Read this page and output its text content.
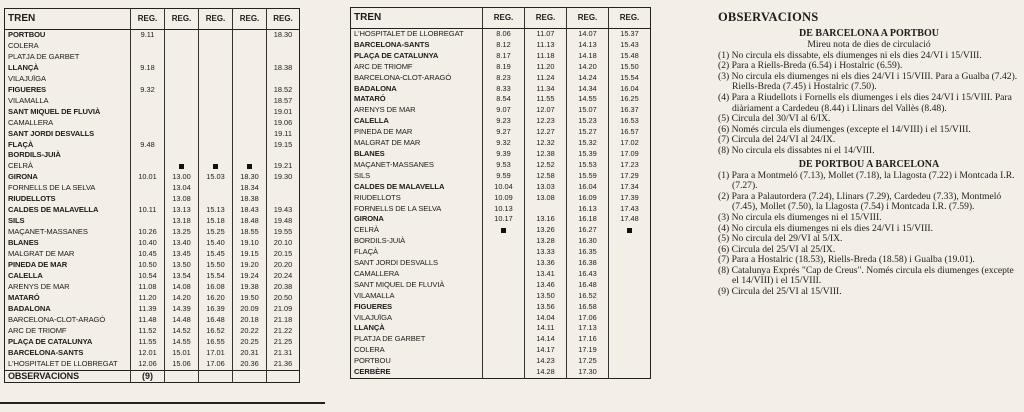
TREN	REG.	REG.	REG.	REG.	REG.
PORTBOU	9.11				18.30
COLERA					
PLATJA DE GARBET					
LLANÇÀ	9.18				18.38
VILAJUÏGA					
FIGUERES	9.32				18.52
VILAMALLA					18.57
SANT MIQUEL DE FLUVIÀ					19.01
CAMALLERA					19.06
SANT JORDI DESVALLS					19.11
FLAÇÀ	9.48				19.15
BORDILS-JUIÀ					
CELRÀ					19.21
GIRONA	10.01	13.00	15.03	18.30	19.30
FORNELLS DE LA SELVA		13.04		18.34	
RIUDELLOTS		13.08		18.38	
CALDES DE MALAVELLA	10.11	13.13	15.13	18.43	19.43
SILS		13.18	15.18	18.48	19.48
MAÇANET-MASSANES	10.26	13.25	15.25	18.55	19.55
BLANES	10.40	13.40	15.40	19.10	20.10
MALGRAT DE MAR	10.45	13.45	15.45	19.15	20.15
PINEDA DE MAR	10.50	13.50	15.50	19.20	20.20
CALELLA	10.54	13.54	15.54	19.24	20.24
ARENYS DE MAR	11.08	14.08	16.08	19.38	20.38
MATARÓ	11.20	14.20	16.20	19.50	20.50
BADALONA	11.39	14.39	16.39	20.09	21.09
BARCELONA-CLOT-ARAGÓ	11.48	14.48	16.48	20.18	21.18
ARC DE TRIOMF	11.52	14.52	16.52	20.22	21.22
PLAÇA DE CATALUNYA	11.55	14.55	16.55	20.25	21.25
BARCELONA-SANTS	12.01	15.01	17.01	20.31	21.31
L'HOSPITALET DE LLOBREGAT	12.06	15.06	17.06	20.36	21.36
OBSERVACIONS	(9)				
TREN	REG.	REG.	REG.	REG.
L'HOSPITALET DE LLOBREGAT	8.06	11.07	14.07	15.37
BARCELONA-SANTS	8.12	11.13	14.13	15.43
PLAÇA DE CATALUNYA	8.17	11.18	14.18	15.48
ARC DE TRIOMF	8.19	11.20	14.20	15.50
BARCELONA-CLOT-ARAGÓ	8.23	11.24	14.24	15.54
BADALONA	8.33	11.34	14.34	16.04
MATARÓ	8.54	11.55	14.55	16.25
ARENYS DE MAR	9.07	12.07	15.07	16.37
CALELLA	9.23	12.23	15.23	16.53
PINEDA DE MAR	9.27	12.27	15.27	16.57
MALGRAT DE MAR	9.32	12.32	15.32	17.02
BLANES	9.39	12.38	15.39	17.09
MAÇANET-MASSANES	9.53	12.52	15.53	17.23
SILS	9.59	12.58	15.59	17.29
CALDES DE MALAVELLA	10.04	13.03	16.04	17.34
RIUDELLOTS	10.09	13.08	16.09	17.39
FORNELLS DE LA SELVA	10.13		16.13	17.43
GIRONA	10.17	13.16	16.18	17.48
CELRÀ		13.26	16.27	
BORDILS-JUIÀ		13.28	16.30	
FLAÇÀ		13.33	16.35	
SANT JORDI DESVALLS		13.36	16.38	
CAMALLERA		13.41	16.43	
SANT MIQUEL DE FLUVIÀ		13.46	16.48	
VILAMALLA		13.50	16.52	
FIGUERES		13.56	16.58	
VILAJUÏGA		14.04	17.06	
LLANÇÀ		14.11	17.13	
PLATJA DE GARBET		14.14	17.16	
COLERA		14.17	17.19	
PORTBOU		14.23	17.25	
CERBÈRE		14.28	17.30	
OBSERVACIONS
DE BARCELONA A PORTBOU

Mireu nota de dies de circulació

(1) No circula els dissabte, els diumenges ni els dies 24/VI i 15/VIII.
(2) Para a Riells-Breda (6.54) i Hostalric (6.59).
(3) No circula els diumenges ni els dies 24/VI i 15/VIII. Para a Gualba (7.42). Riells-Breda (7.45) i Hostalric (7.50).
(4) Para a Riudellots i Fornells els diumenges i els dies 24/VI i 15/VIII. Para diàriament a Cardedeu (8.44) i Llinars del Vallès (8.48).
(5) Circula del 30/VI al 6/IX.
(6) Només circula els diumenges (excepte el 14/VIII) i el 15/VIII.
(7) Circula del 24/VI al 24/IX.
(8) No circula els dissabtes ni el 14/VIII.
DE PORTBOU A BARCELONA
(1) Para a Montmeló (7.13), Mollet (7.18), la Llagosta (7.22) i Montcada I.R. (7.27).
(2) Para a Palautordera (7.24), Llinars (7.29), Cardedeu (7.33), Montmeló (7.45), Mollet (7.50), la Llagosta (7.54) i Montcada I.R. (7.59).
(3) No circula els diumenges ni el 15/VIII.
(4) No circula els diumenges ni els dies 24/VI i 15/VIII.
(5) No circula del 29/VI al 5/IX.
(6) Circula del 25/VI al 25/IX.
(7) Para a Hostalric (18.53), Riells-Breda (18.58) i Gualba (19.01).
(8) Catalunya Exprés "Cap de Creus". Només circula els diumenges (excepte el 14/VIII) i el 15/VIII.
(9) Circula del 25/VI al 15/VIII.
